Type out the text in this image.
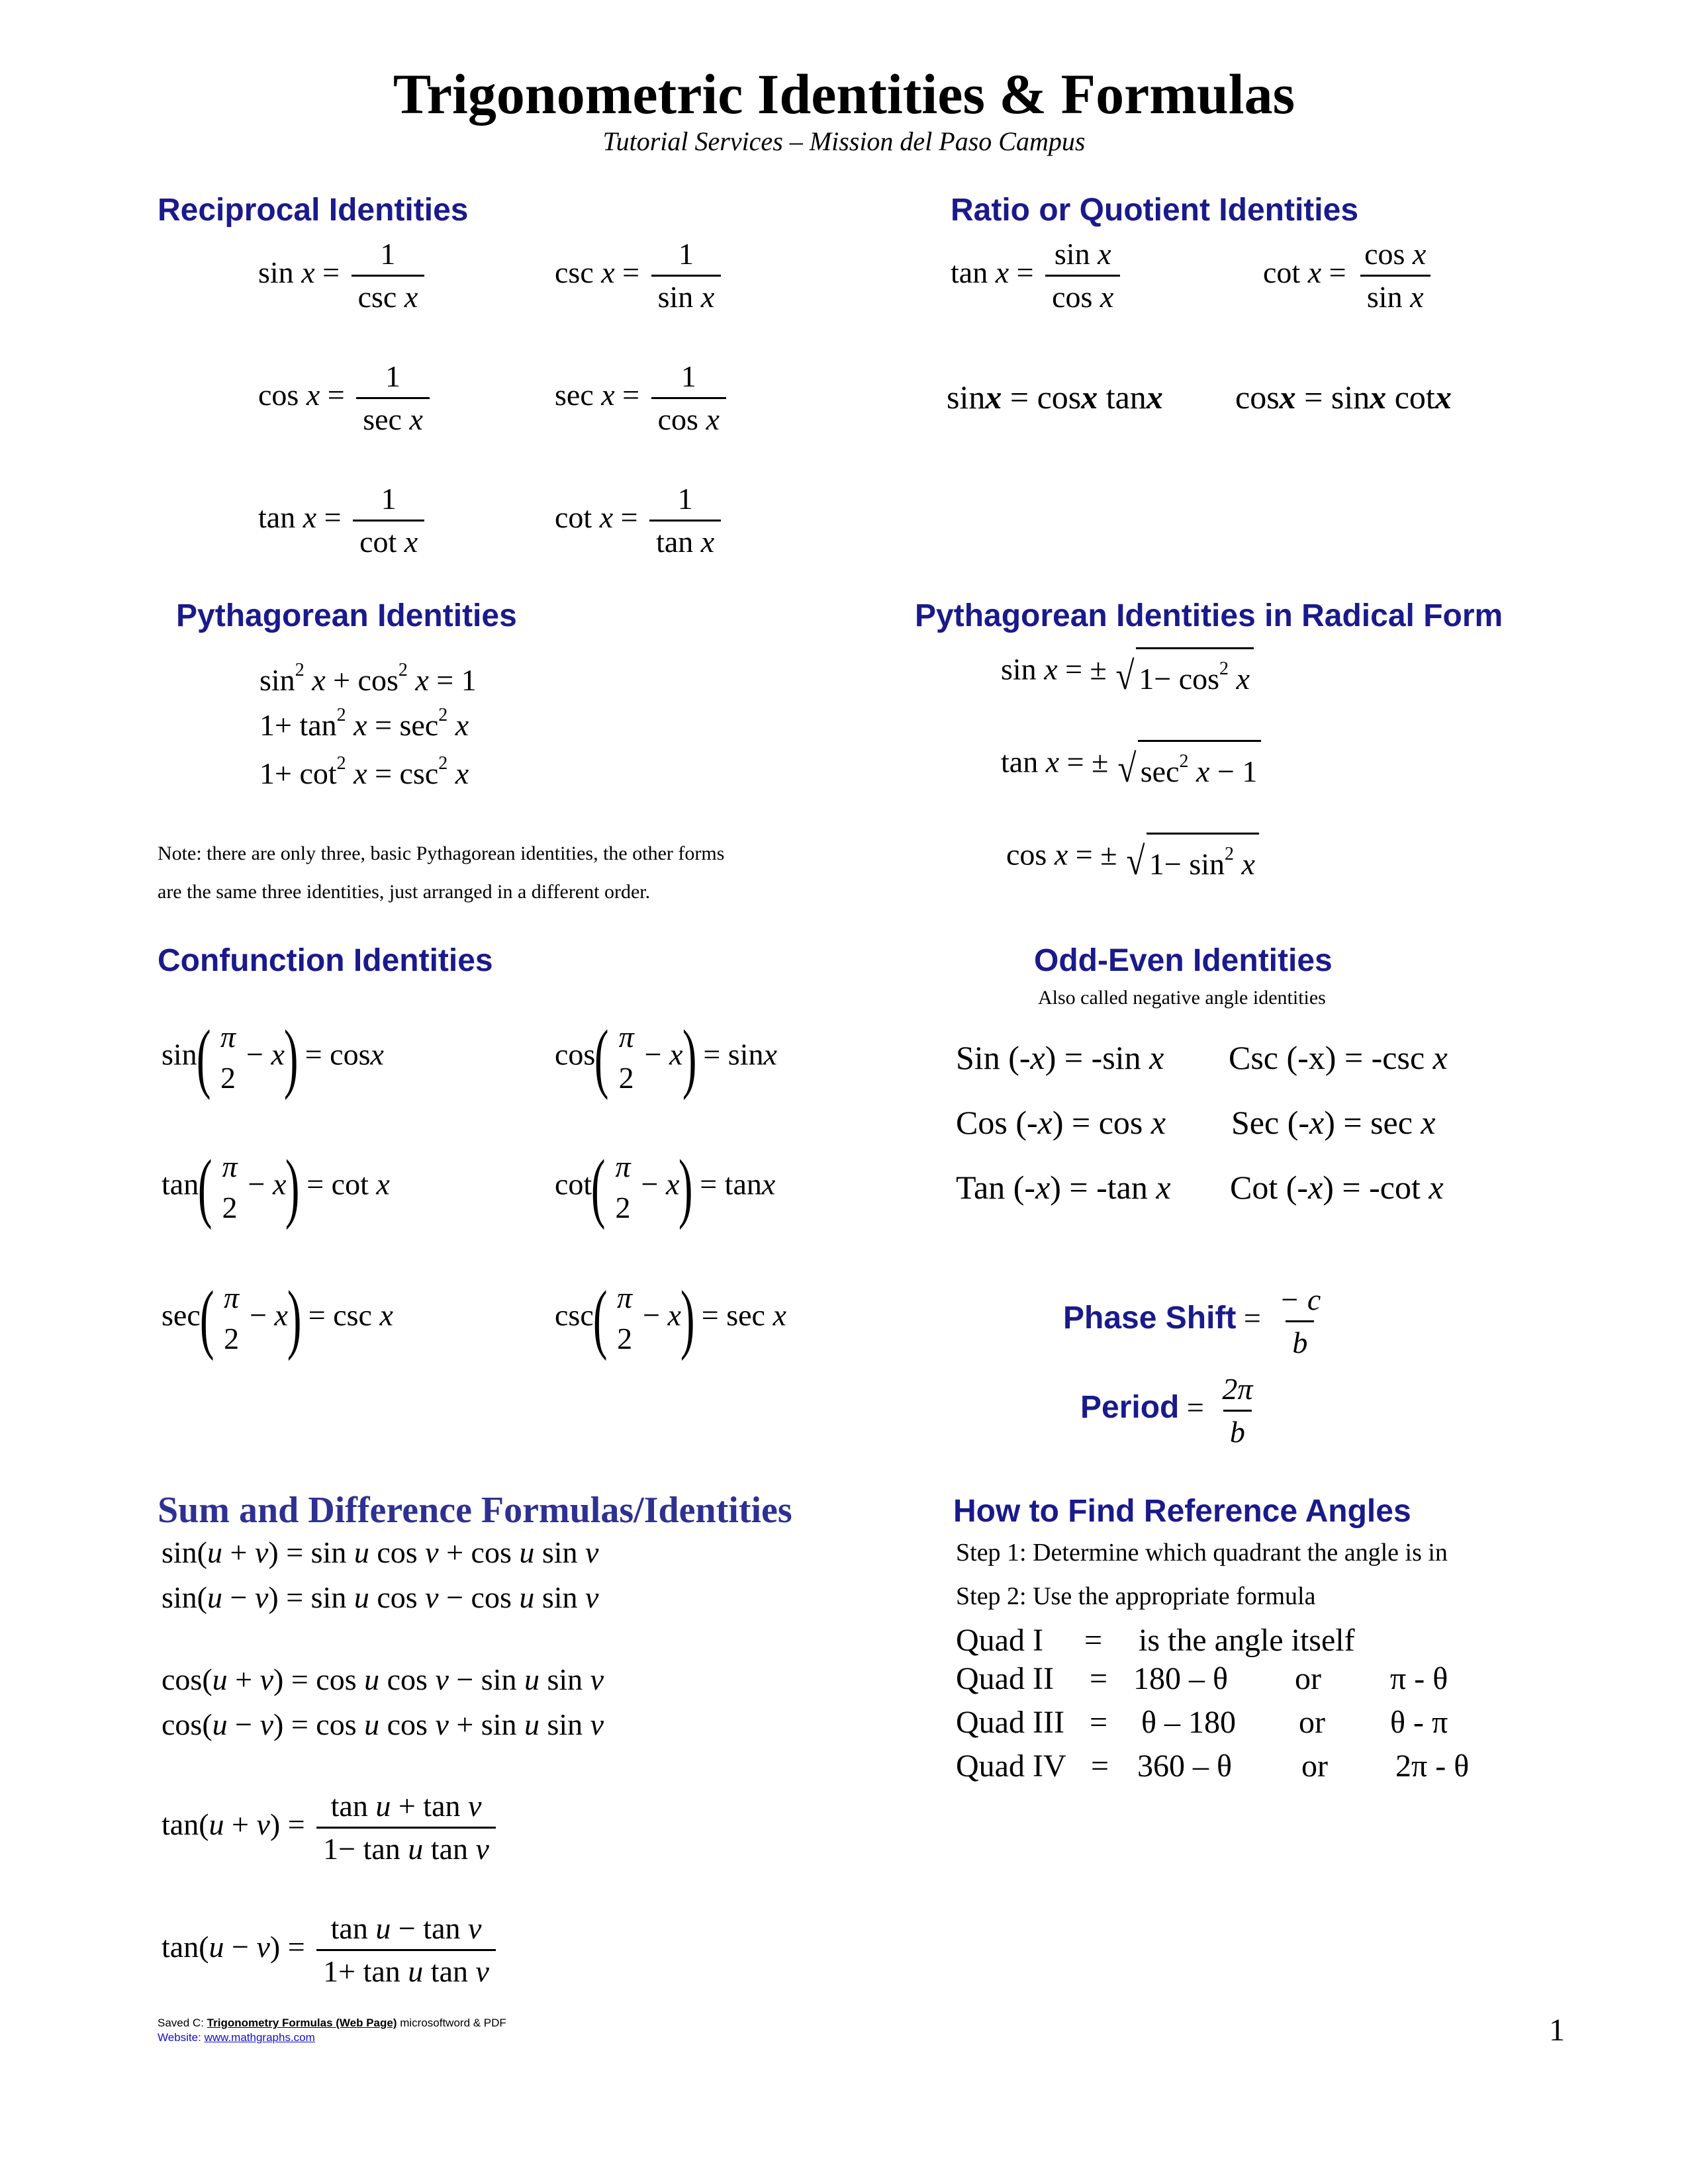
Trigonometric Identities & Formulas
Tutorial Services – Mission del Paso Campus
Reciprocal Identities
$\sin x = \frac{1}{\text{csc x}}$	$\csc x = \frac{1}{\text{sin x}}$
$\cos x = \frac{1}{\text{sec x}}$	$\sec x = \frac{1}{\text{cos x}}$
$\tan x = \frac{1}{\text{cot x}}$	$\cot x = \frac{1}{\text{tan x}}$
Ratio or Quotient Identities
$\tan x = \frac{\text{sin x}}{\text{cos x}}$	$\cot x = \frac{\text{cos x}}{\text{sin x}}$
sinx = cosx tanx cosx = sinx cotx
Pythagorean Identities
$\sin^2 x + \cos^2 x = 1$
$1+ \tan^2 x = \sec^2 x$
$1+ \cot^2 x = \csc^2 x$
Note: there are only three, basic Pythagorean identities, the other forms
are the same three identities, just arranged in a different order.
Pythagorean Identities in Radical Form
sin x = ± √ $1- \cos^2 x$
tan x = ± √ $\sec^2 x - 1$
cos x = ± √ $1- \sin^2 x$
Confunction Identities
sin( π
2
− x) = cosx	cos( π
2
− x) = sinx
tan( π
2
− x) = cot x	cot( π
2
− x) = tanx
sec( π
2
− x) = csc x	csc( π
2
− x) = sec x
Odd-Even Identities
Also called negative angle identities
Sin (-x) = -sin x Csc (-x) = -csc x
Cos (-x) = cos x Sec (-x) = sec x
Tan (-x) = -tan x Cot (-x) = -cot x
Phase Shift = $\frac{- c}{b}$
Period = $\frac{2\pi}{b}$
Sum and Difference Formulas/Identities
sin(u + v) = sin u cos v + cos u sin v
sin(u − v) = sin u cos v − cos u sin v
cos(u + v) = cos u cos v − sin u sin v
cos(u − v) = cos u cos v + sin u sin v
$\tan(u + v) = \frac{\text{tan u + tan v}}{\text{1− tan u tan v}}$
$\tan(u - v) = \frac{\text{tan u − tan v}}{\text{1+ tan u tan v}}$
How to Find Reference Angles
Step 1: Determine which quadrant the angle is in
Step 2: Use the appropriate formula
Quad I = is the angle itself
Quad II = 180 – θ or π - θ
Quad III = θ – 180 or θ - π
Quad IV = 360 – θ or 2π - θ
Saved C: Trigonometry Formulas (Web Page) microsoftword & PDF
Website: www.mathgraphs.com	1
